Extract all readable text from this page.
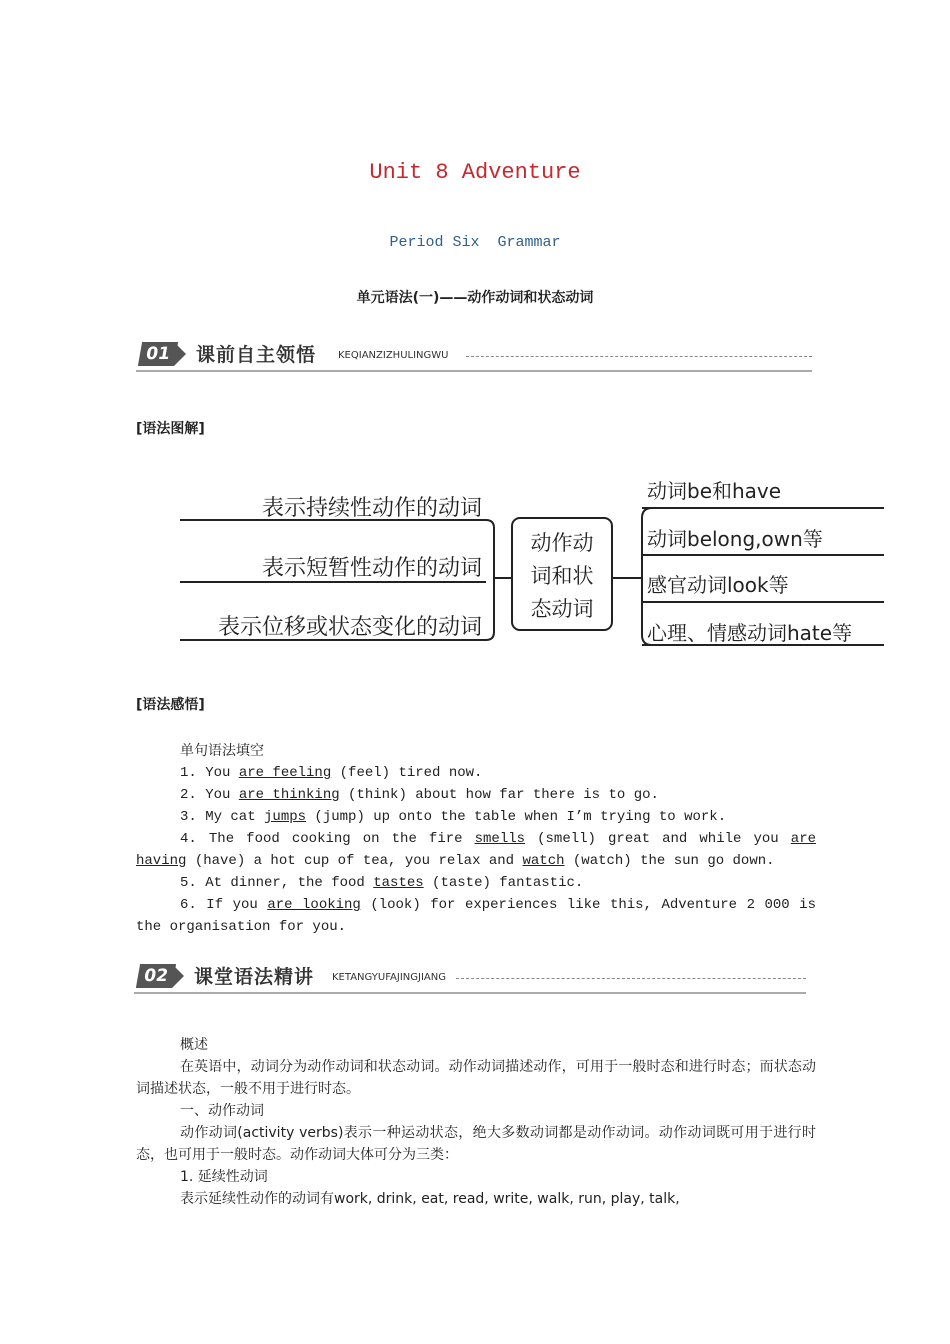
Unit 8 Adventure
Period Six  Grammar
单元语法(一)——动作动词和状态动词
01	课前自主领悟 KEQIANZIZHULINGWU
[语法图解]
表示持续性动作的动词
表示短暂性动作的动词
表示位移或状态变化的动词
动作动
词和状
态动词
动词be和have
动词belong,own等
感官动词look等
心理、情感动词hate等
[语法感悟]
单句语法填空
1. You are feeling (feel) tired now.
2. You are thinking (think) about how far there is to go.
3. My cat jumps (jump) up onto the table when I’m trying to work.
4. The food cooking on the fire smells (smell) great and while you are having (have) a hot cup of tea, you relax and watch (watch) the sun go down.
5. At dinner, the food tastes (taste) fantastic.
6. If you are looking (look) for experiences like this, Adventure 2 000 is the organisation for you.
02	课堂语法精讲 KETANGYUFAJINGJIANG
概述
在英语中，动词分为动作动词和状态动词。动作动词描述动作，可用于一般时态和进行时态；而状态动词描述状态，一般不用于进行时态。
一、动作动词
动作动词(activity verbs)表示一种运动状态，绝大多数动词都是动作动词。动作动词既可用于进行时态，也可用于一般时态。动作动词大体可分为三类：
1. 延续性动词
表示延续性动作的动词有work, drink, eat, read, write, walk, run, play, talk,
